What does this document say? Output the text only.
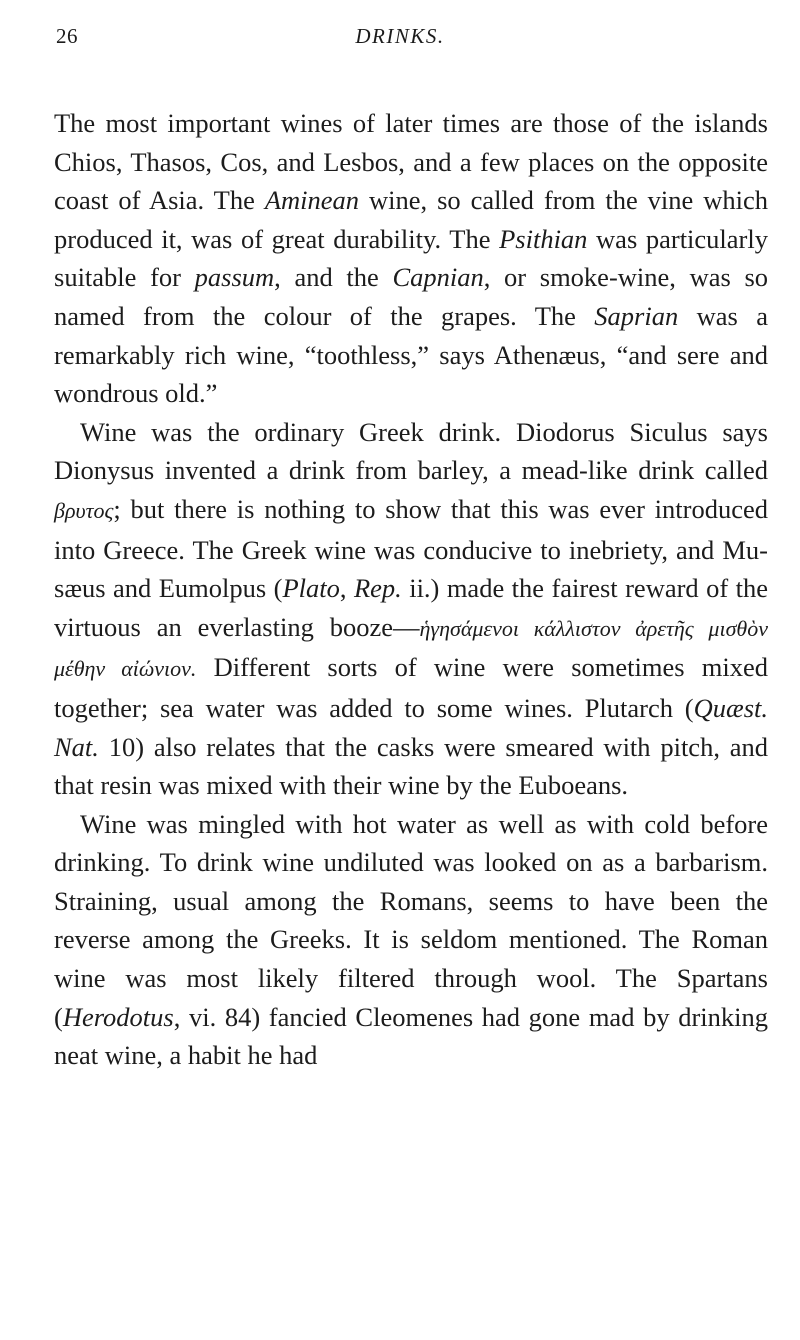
26	DRINKS.

The most important wines of later times are those of the islands Chios, Thasos, Cos, and Lesbos, and a few places on the opposite coast of Asia. The Aminean wine, so called from the vine which produced it, was of great durability. The Psithian was particularly suitable for passum, and the Capnian, or smoke-wine, was so named from the colour of the grapes. The Saprian was a remarkably rich wine, “toothless,” says Athenæus, “and sere and wondrous old.”

Wine was the ordinary Greek drink. Diodorus Siculus says Dionysus invented a drink from barley, a mead-like drink called βρυτος; but there is nothing to show that this was ever introduced into Greece. The Greek wine was conducive to inebriety, and Musæus and Eumolpus (Plato, Rep. ii.) made the fairest reward of the virtuous an everlasting booze—ἡγησάμενοι κάλλιστον ἀρετῆς μισθὸν μέθην αἰώνιον. Different sorts of wine were sometimes mixed together; sea water was added to some wines. Plutarch (Quæst. Nat. 10) also relates that the casks were smeared with pitch, and that resin was mixed with their wine by the Euboeans.

Wine was mingled with hot water as well as with cold before drinking. To drink wine undiluted was looked on as a barbarism. Straining, usual among the Romans, seems to have been the reverse among the Greeks. It is seldom mentioned. The Roman wine was most likely filtered through wool. The Spartans (Herodotus, vi. 84) fancied Cleomenes had gone mad by drinking neat wine, a habit he had
